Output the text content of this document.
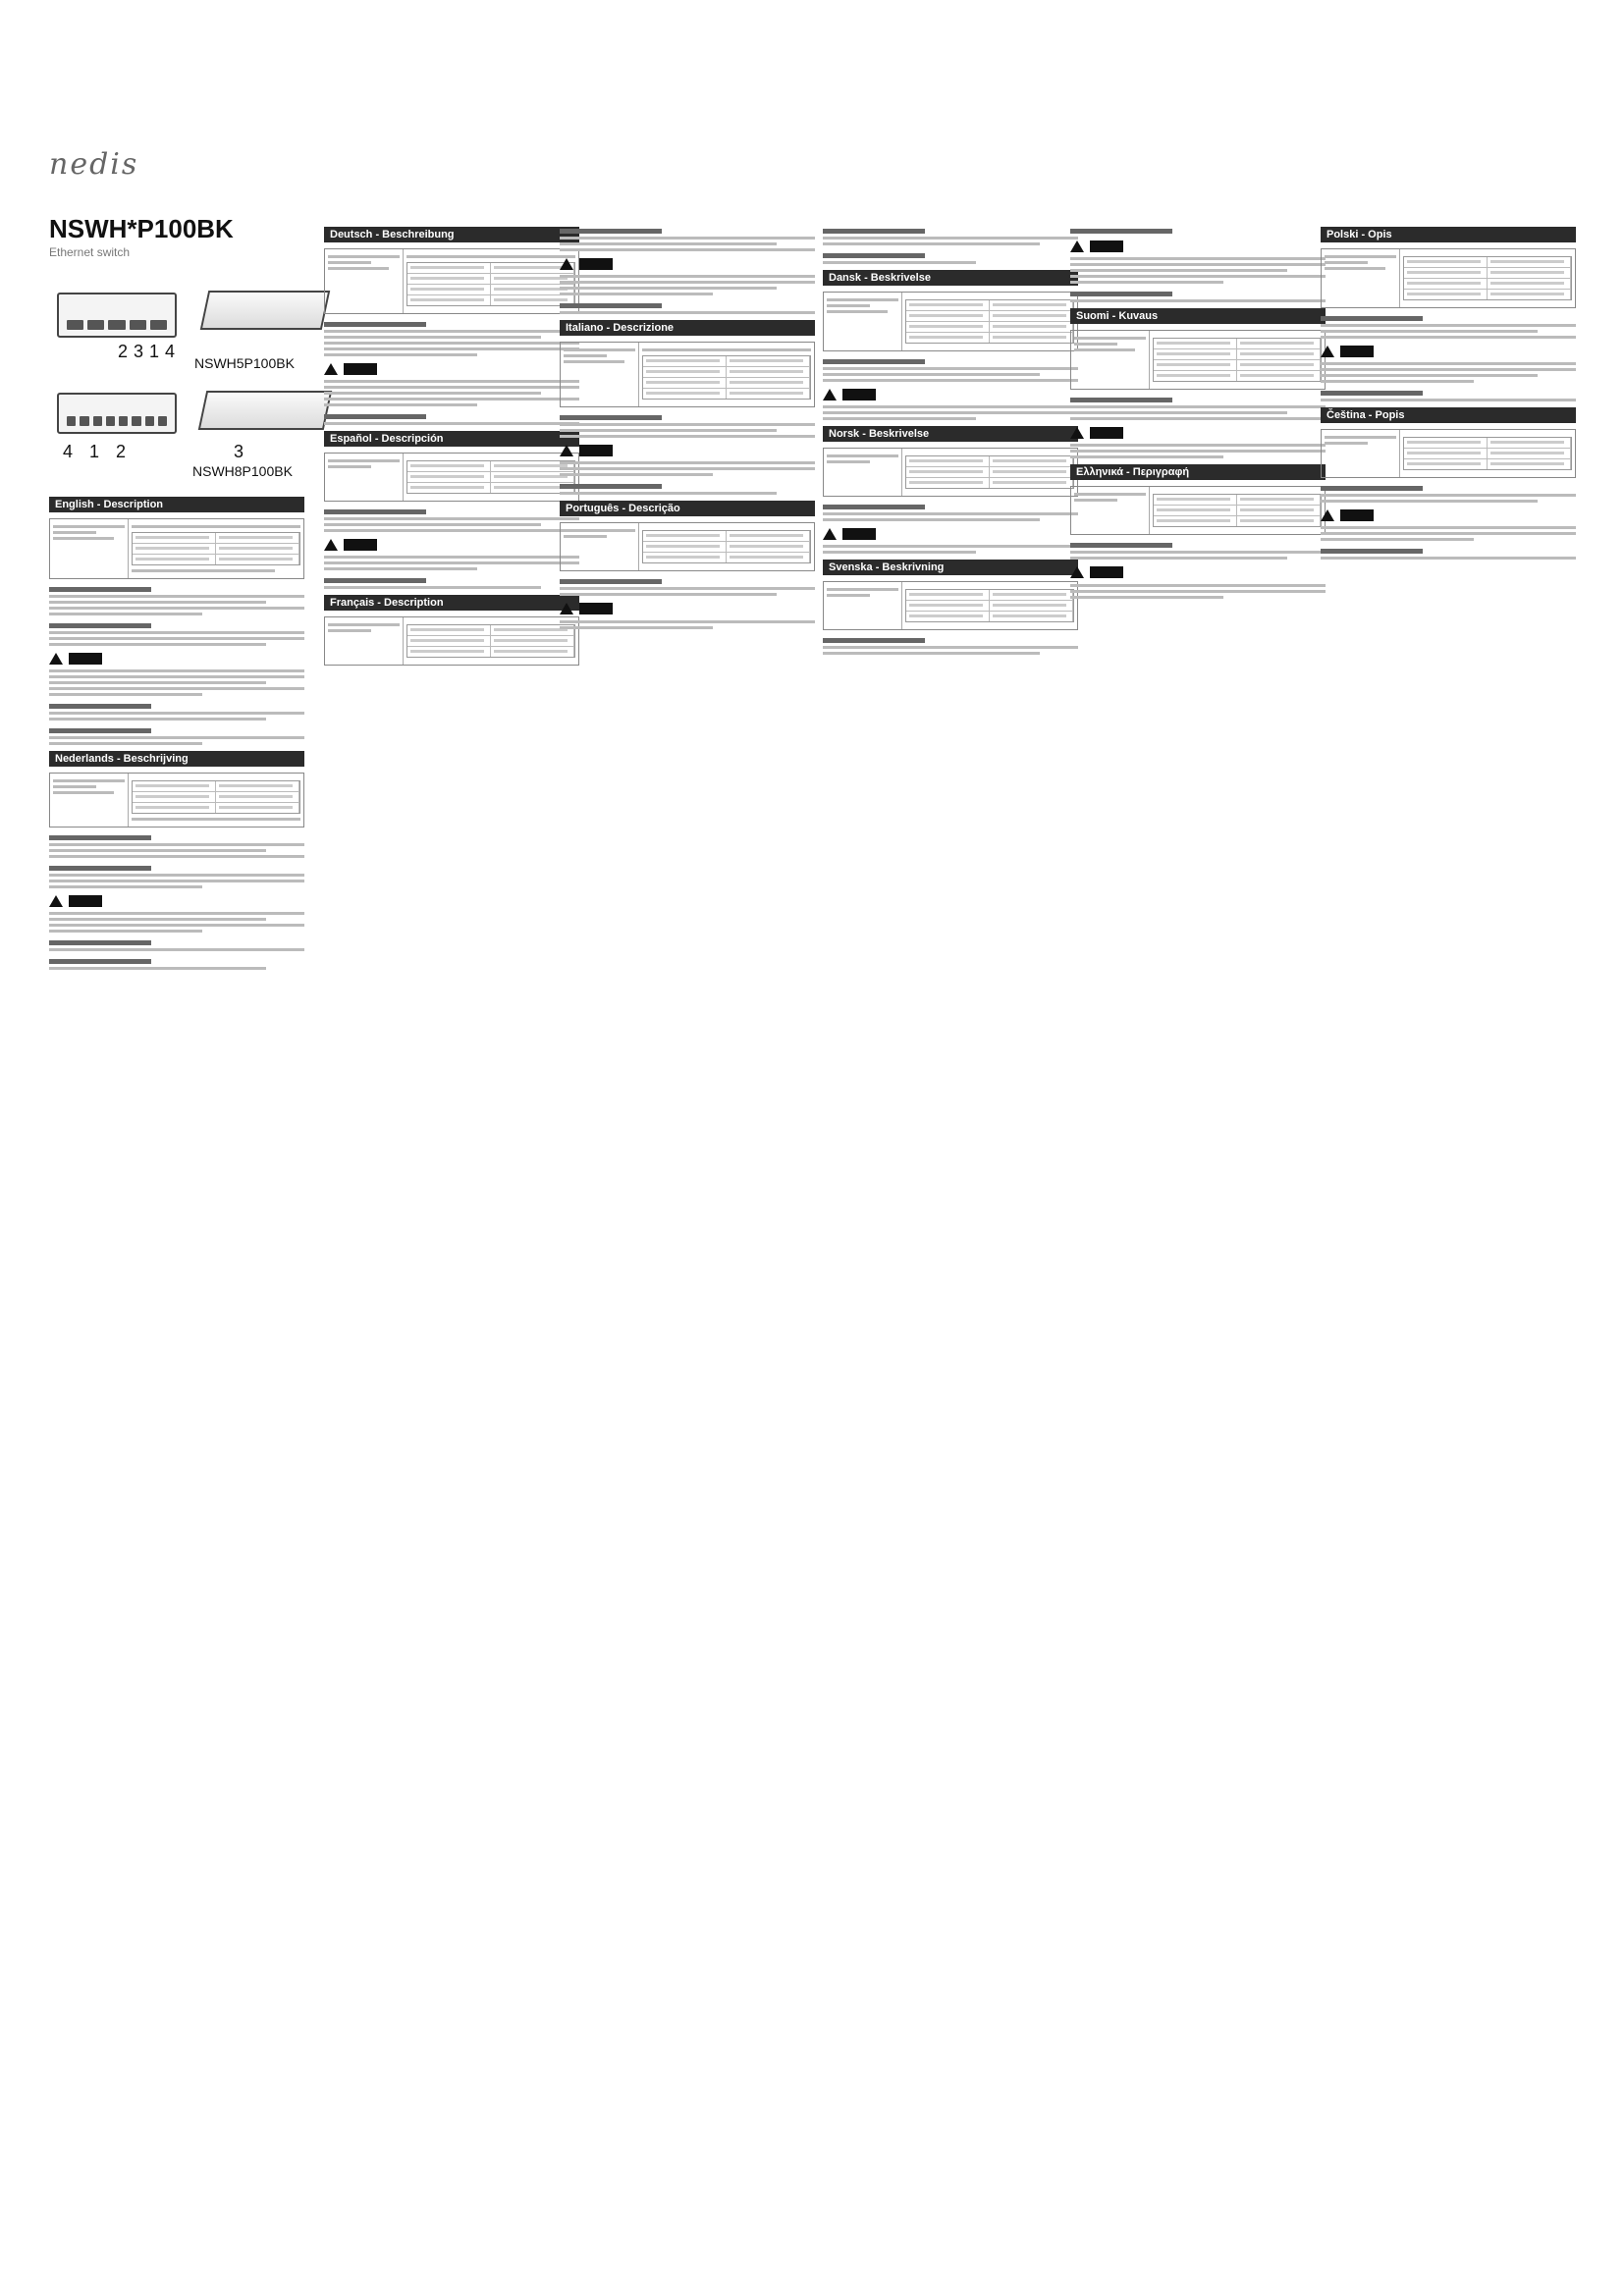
nedis
NSWH*P100BK
Ethernet switch
2314
NSWH5P100BK
4 1 2	3
NSWH8P100BK
English - Description
Nederlands - Beschrijving
Deutsch - Beschreibung
Español - Descripción
Français - Description
Italiano - Descrizione
Português - Descrição
Dansk - Beskrivelse
Norsk - Beskrivelse
Svenska - Beskrivning
Suomi - Kuvaus
Ελληνικά - Περιγραφή
Polski - Opis
Čeština - Popis
